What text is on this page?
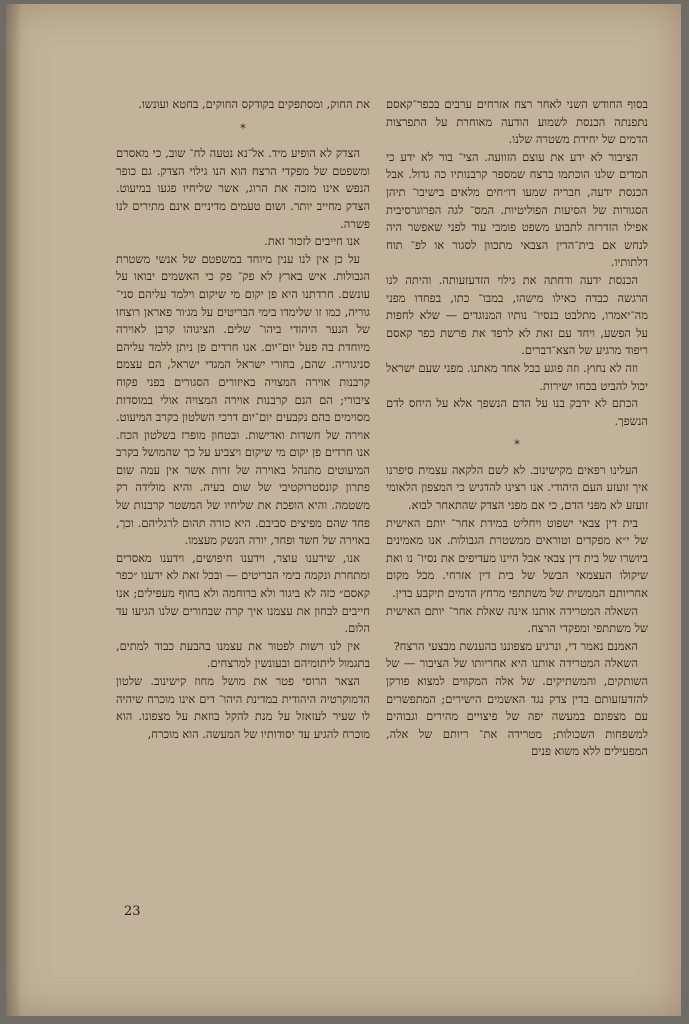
בסוף החודש השני לאחר רצח אזרחים ערבים בכפר־קאסם נתפנתה הכנסת לשמוע הודעה מאוחרת על התפרצות הדמים של יחידת משטרה שלנו.

הציבור לא ידע את עוצם הזוועה. הצי־ בור לא ידע כי המדים שלנו הוכתמו ברצח שמספר קרבנותיו כה גדול. אבל הכנסת ידעה, חבריה שמעו דו״חים מלאים בישיבו־ תיהן הסגורות של הסיעות הפוליטיות. המס־ לגה הפרוגרסיבית אפילו הזדרזה לתבוע משפט פומבי עוד לפני שאפשר היה לנחש אם בית־הדין הצבאי מתכוון לסגור או לפ־ תוח דלתותיו.

הכנסת ידעה ודחתה את גילוי הזדעזעותה. והיתה לנו הרגשה כבדה כאילו מישהו, במבו־ כתו, בפחדו מפני מה־יאמרו, מתלבט בנסיו־ נותיו המנוגדים — שלא לחפות על הפשע, ויחד עם זאת לא לרפד את פרשת כפר קאסם ריפוד מרגיע של הצא־דברים.

וזה לא נחוץ. וזה פוגע בכל אחד מאתנו. מפני שעם ישראל יכול להביט בכחו ישירות.

הכתם לא ידבק בנו על הדם הנשפך אלא על היחס לדם הנשפך.

*

העלינו רפאים מקישינוב. לא לשם הלקאה עצמית סיפרנו איך זועזע העם היהודי. אנו רצינו להדגיש כי המצפון הלאומי זועזע לא מפני הדם, כי אם מפני הצדק שהתאחר לבוא.

בית דין צבאי ישפוט ויחליט במידת אחר־ יותם האישית של י״א מפקדים וטוראים ממשטרת הגבולות. אנו מאמינים ביושרו של בית דין צבאי אבל היינו מעדיפים את נסיו־ נו ואת שיקולו העצמאי הבשל של בית דין אזרחי. מכל מקום אחריותם הממשית של משתתפי מרחץ הדמים תיקבע בדין.

השאלה המטרידה אותנו אינה שאלת אחר־ יותם האישית של משתתפי ומפקדי הרצח.

האמנם נאמר די, ונרגיע מצפוננו בהענשת מבצעי הרצח?

השאלה המטרידה אותנו היא אחריותו של הציבור — של השותקים, והמשתיקים. של אלה המקווים למצוא פורקן להזדעזעותם בדין צדק נגד האשמים הישירים; המתפשרים עם מצפונם במעשה יפה של פיצויים מהירים וגבוהים למשפחות השכולות; מטרידה את־ ריותם של אלה, המפעילים ללא משוא פנים

את החוק, ומסתפקים בקודקס החוקים, בחטא ועונשו.

*

הצדק לא הופיע מיד. אל־נא נטעה לח־ שוב, כי מאסרם ומשפטם של מפקדי הרצח הוא הנו גילוי הצדק. גם כופר הנפש אינו מזכה את הרוג, אשר שליחיו פגעו במיעוט. הצדק מחייב יותר. ושום טעמים מדיניים אינם מתירים לנו פשרה.

אנו חייבים לזכור זאת.

על כן אין לנו ענין מיוחד במשפטם של אנשי משטרת הגבולות. איש בארץ לא פק־ פק כי האשמים יבואו על עונשם. חרדתנו היא פן יקום מי שיקום וילמד עליהם סני־ גוריה, כמו זו שלימדו בימי הבריטים על מג׳ור פאראן רוצחו של הנער היהודי ביהו־ שלים. הציגוהו קרבן לאוירה מיוחדת בה פעל יום־יום. אנו חרדים פן ניתן ללמד עליהם סניגוריה. שהם, בחורי ישראל המגדי ישראל, הם עצמם קרבנות אוירה המצויה באיזורים הסגורים בפני פקוח ציבורי; הם הנם קרבנות אוירה המצויה אולי במוסדות מסוימים בהם נקבעים יום־יום דרכי השלטון בקרב המיעוט. אוירה של חשדות ואדישות. ובטחון מופרז בשלטון הכח. אנו חרדים פן יקום מי שיקום ויצביע על כך שהמושל בקרב המיעוטים מתנהל באוירה של זרות אשר אין עמה שום פתרון קונסטרוקטיבי של שום בעיה. והיא מולידה רק משטמה. והיא הופכת את שליחיו של המשטר קרבנות של פחד שהם מפיצים סביבם. היא כורה תהום לרגליהם. וכך, באוירה של חשד ופחד, יורה הנשק מעצמו.

אנו, שידענו עוצר, וידענו חיפושים, וידענו מאסרים ומתחרת ונקמה בימי הבריטים — ובכל זאת לא ידענו ״כפר קאסם״ כזה לא ביגור ולא ברוחמה ולא בחוף מעפילים; אנו חייבים לבחון את עצמנו איך קרה שבחורים שלנו הגיעו עד הלום.

אין לנו רשות לפטור את עצמנו בהבעת כבוד למתים, בתגמול ליתומיהם ובעונשין למרצחים.

הצאר הרוסי פטר את מושל מחוז קישינוב. שלטון הדמוקרטיה היהודית במדינת היהו־ דים אינו מוכרח שיהיה לו שעיר לעזאזל על מנת להקל בוזאת על מצפונו. הוא מוכרח להגיע עד יסודותיו של המעשה. הוא מוכרח,

23
